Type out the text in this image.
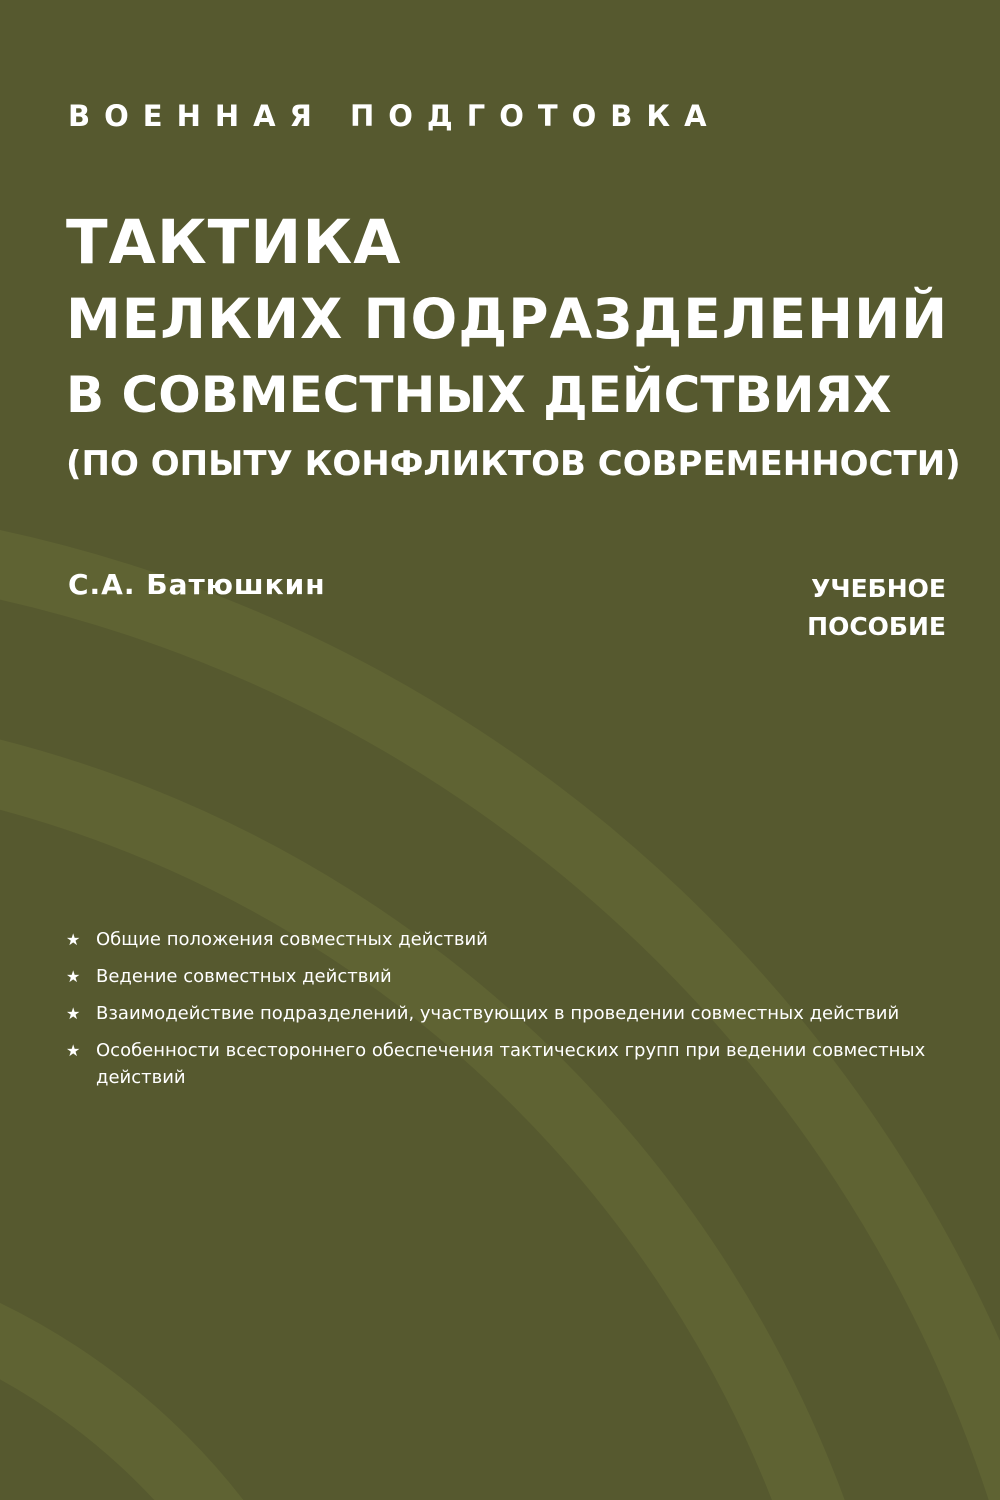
ВОЕННАЯ ПОДГОТОВКА
ТАКТИКА
МЕЛКИХ ПОДРАЗДЕЛЕНИЙ
В СОВМЕСТНЫХ ДЕЙСТВИЯХ
(ПО ОПЫТУ КОНФЛИКТОВ СОВРЕМЕННОСТИ)
С.А. Батюшкин	УЧЕБНОЕ
ПОСОБИЕ
★ Общие положения совместных действий
★ Ведение совместных действий
★ Взаимодействие подразделений, участвующих в проведении совместных действий
★ Особенности всестороннего обеспечения тактических групп при ведении совместных действий
